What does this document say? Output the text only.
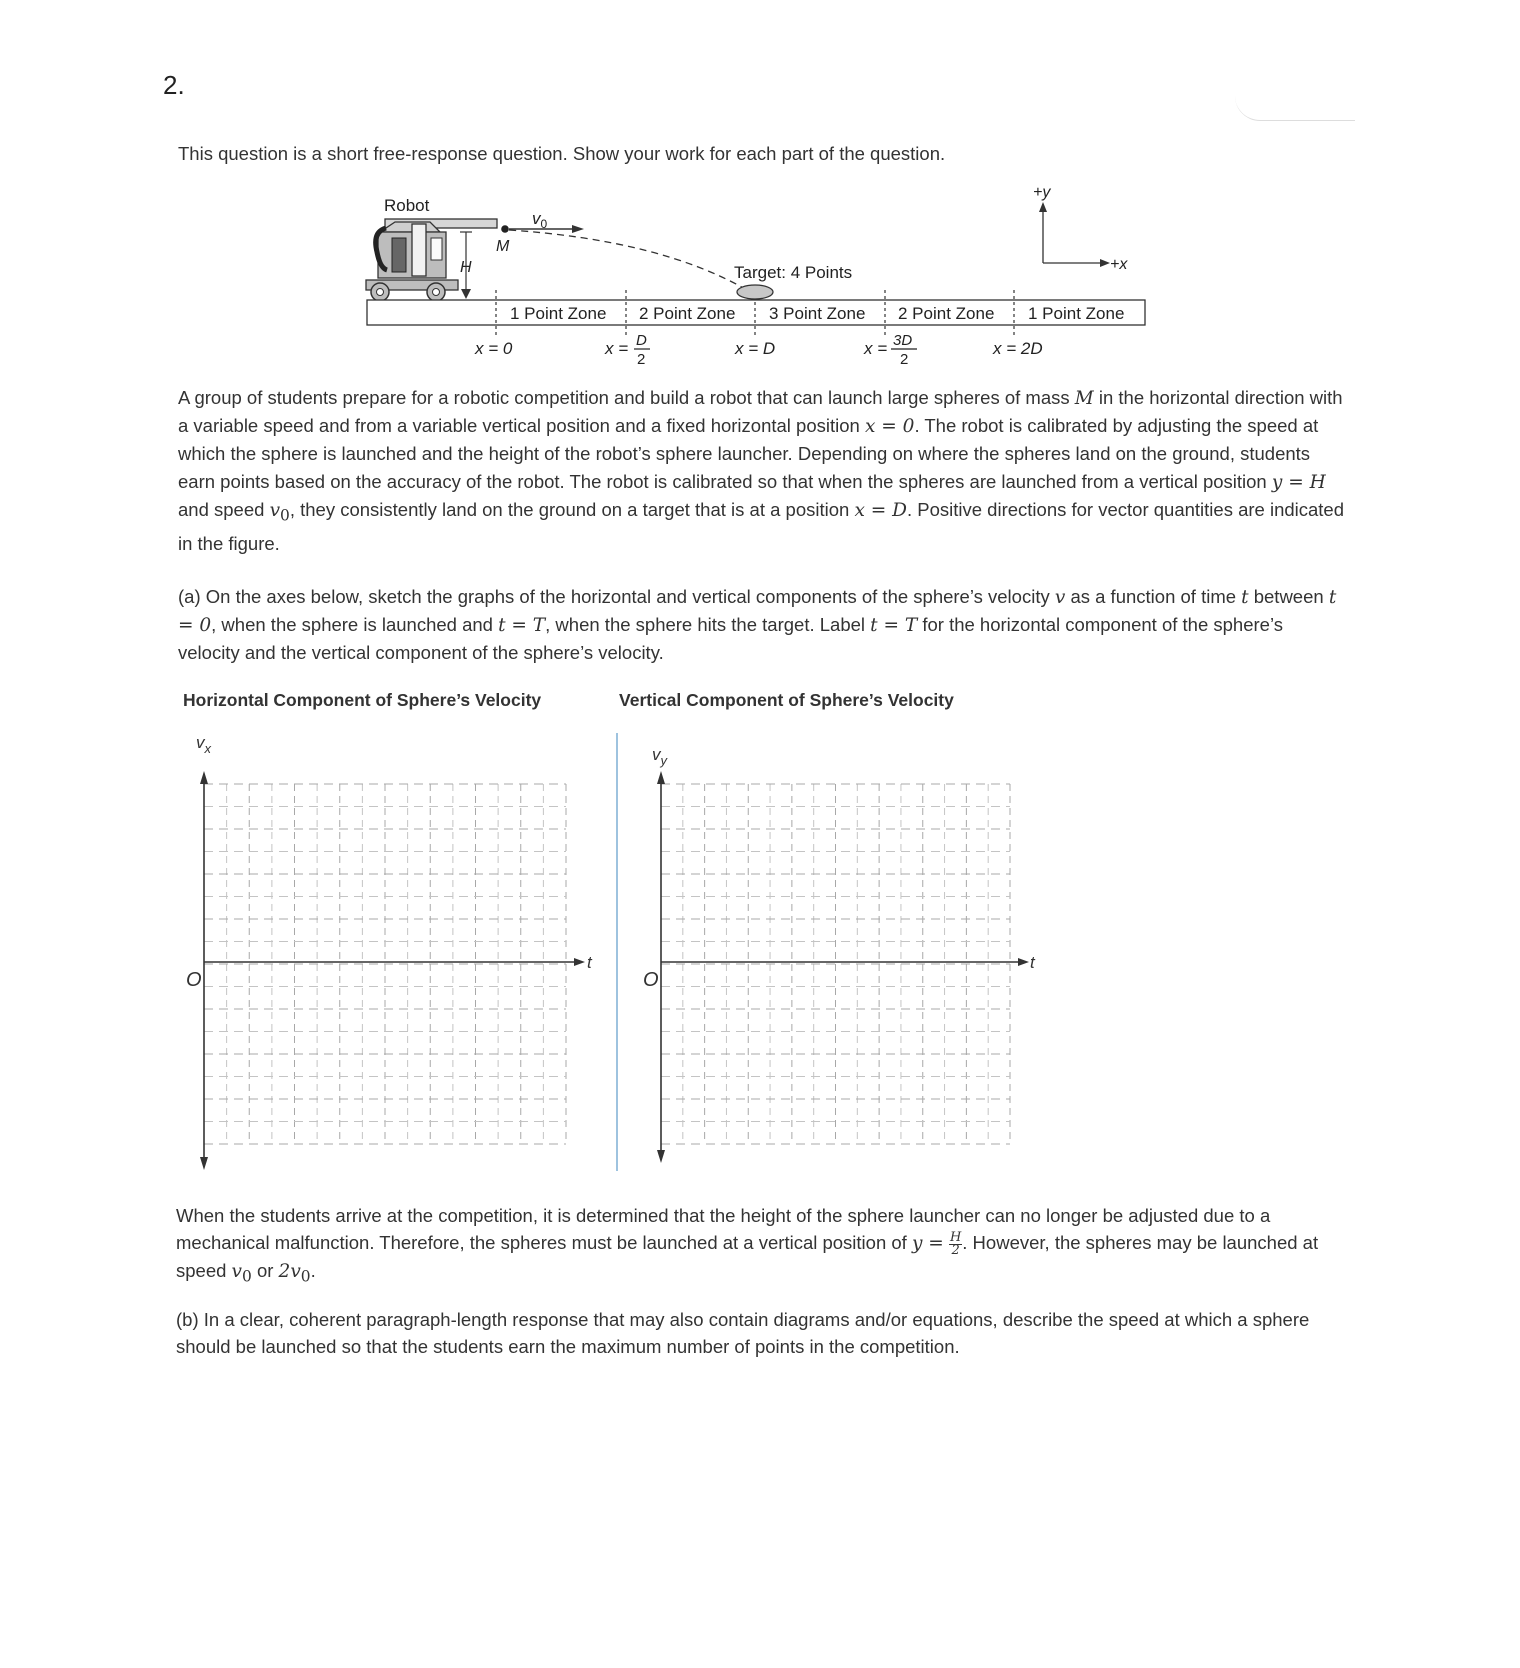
2.
This question is a short free-response question. Show your work for each part of the question.
Robot
H
M
$v_0$
Target: 4 Points
1 Point Zone 2 Point Zone 3 Point Zone 2 Point Zone 1 Point Zone
x = 0	x = D
2
x = D	x = 3D
2
x = 2D
+y
+x
A group of students prepare for a robotic competition and build a robot that can launch large spheres of mass M in the horizontal direction with a variable speed and from a variable vertical position and a fixed horizontal position x = 0. The robot is calibrated by adjusting the speed at which the sphere is launched and the height of the robot’s sphere launcher. Depending on where the spheres land on the ground, students earn points based on the accuracy of the robot. The robot is calibrated so that when the spheres are launched from a vertical position y = H and speed $v_0$, they consistently land on the ground on a target that is at a position x = D. Positive directions for vector quantities are indicated in the figure.
(a) On the axes below, sketch the graphs of the horizontal and vertical components of the sphere’s velocity v as a function of time t between t = 0, when the sphere is launched and t = T, when the sphere hits the target. Label t = T for the horizontal component of the sphere’s velocity and the vertical component of the sphere’s velocity.
Horizontal Component of Sphere’s Velocity	Vertical Component of Sphere’s Velocity
$v_x$
t
O
$v_y$
t
O
When the students arrive at the competition, it is determined that the height of the sphere launcher can no longer be adjusted due to a mechanical malfunction. Therefore, the spheres must be launched at a vertical position of $y = \frac{H}{2}$ . However, the spheres may be launched at speed $v_0$ or $2v_0$.
(b) In a clear, coherent paragraph-length response that may also contain diagrams and/or equations, describe the speed at which a sphere should be launched so that the students earn the maximum number of points in the competition.
